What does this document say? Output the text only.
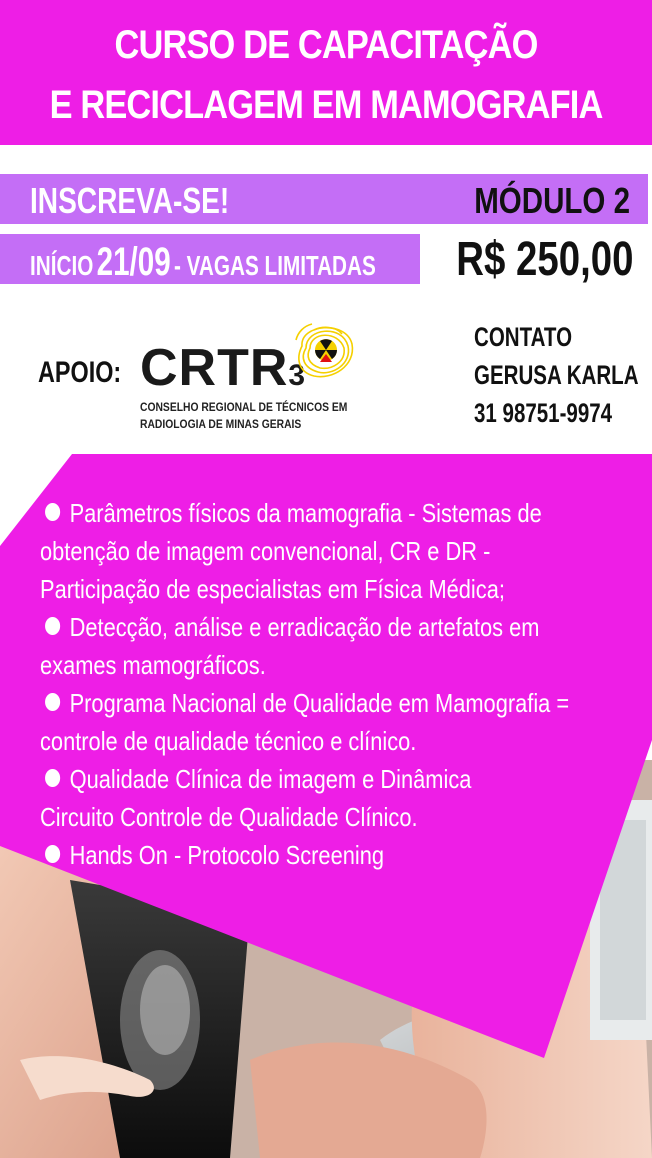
CURSO DE CAPACITAÇÃO
E RECICLAGEM EM MAMOGRAFIA
INSCREVA-SE!	MÓDULO 2
INÍCIO 21/09 - VAGAS LIMITADAS R$ 250,00
APOIO: CRTR3
CONSELHO REGIONAL DE TÉCNICOS EM
RADIOLOGIA DE MINAS GERAIS
CONTATO
GERUSA KARLA
31 98751-9974
Parâmetros físicos da mamografia - Sistemas de
obtenção de imagem convencional, CR e DR -
Participação de especialistas em Física Médica;
Detecção, análise e erradicação de artefatos em
exames mamográficos.
Programa Nacional de Qualidade em Mamografia =
controle de qualidade técnico e clínico.
Qualidade Clínica de imagem e Dinâmica
Circuito Controle de Qualidade Clínico.
Hands On - Protocolo Screening
